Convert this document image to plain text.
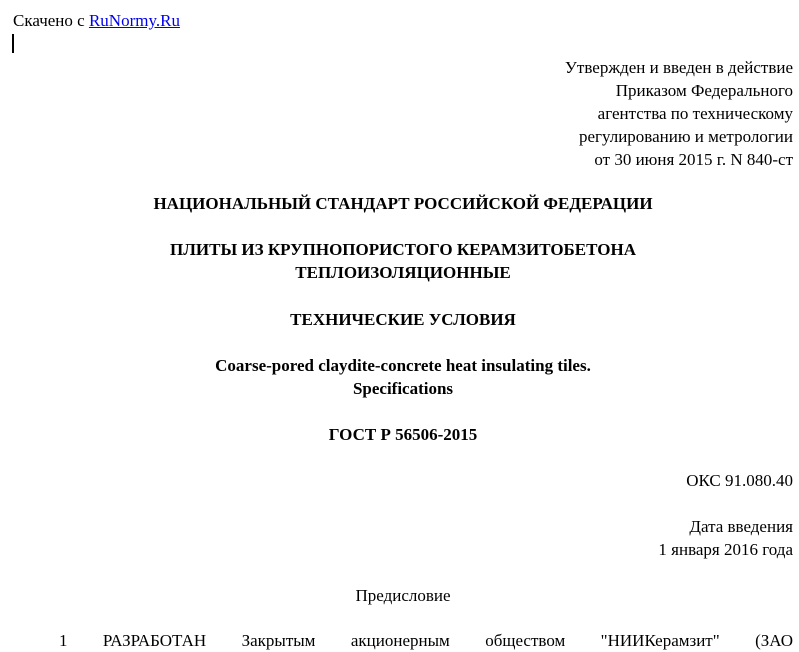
Скачено с RuNormy.Ru
Утвержден и введен в действие
Приказом Федерального
агентства по техническому
регулированию и метрологии
от 30 июня 2015 г. N 840-ст
НАЦИОНАЛЬНЫЙ СТАНДАРТ РОССИЙСКОЙ ФЕДЕРАЦИИ
ПЛИТЫ ИЗ КРУПНОПОРИСТОГО КЕРАМЗИТОБЕТОНА
ТЕПЛОИЗОЛЯЦИОННЫЕ
ТЕХНИЧЕСКИЕ УСЛОВИЯ
Coarse-pored claydite-concrete heat insulating tiles.
Specifications
ГОСТ Р 56506-2015
ОКС 91.080.40
Дата введения
1 января 2016 года
Предисловие
1 РАЗРАБОТАН Закрытым акционерным обществом "НИИКерамзит" (ЗАО
